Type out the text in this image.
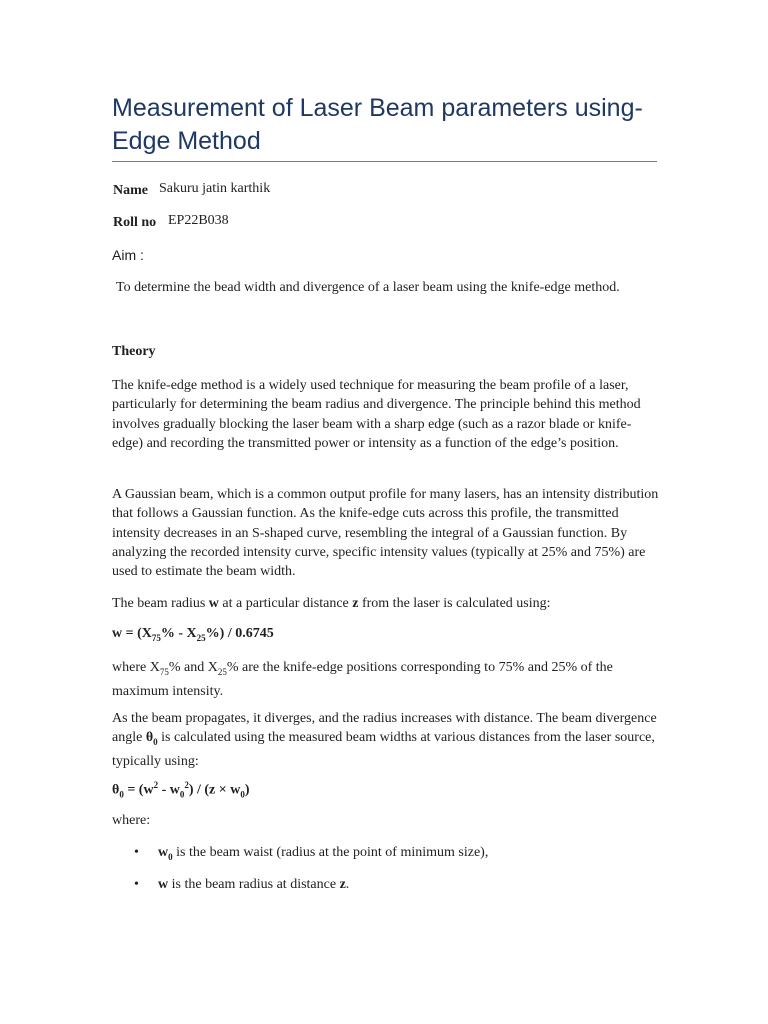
Measurement of Laser Beam parameters using-Edge Method
Name Sakuru jatin karthik
Roll no EP22B038
Aim :
To determine the bead width and divergence of a laser beam using the knife-edge method.
Theory

The knife-edge method is a widely used technique for measuring the beam profile of a laser, particularly for determining the beam radius and divergence. The principle behind this method involves gradually blocking the laser beam with a sharp edge (such as a razor blade or knife-edge) and recording the transmitted power or intensity as a function of the edge’s position.

A Gaussian beam, which is a common output profile for many lasers, has an intensity distribution that follows a Gaussian function. As the knife-edge cuts across this profile, the transmitted intensity decreases in an S-shaped curve, resembling the integral of a Gaussian function. By analyzing the recorded intensity curve, specific intensity values (typically at 25% and 75%) are used to estimate the beam width.

The beam radius w at a particular distance z from the laser is calculated using:

$w = (X_{75}\% - X_{25}\%) / 0.6745$

where $X_{75}\%$ and $X_{25}\%$ are the knife-edge positions corresponding to 75% and 25% of the maximum intensity.

As the beam propagates, it diverges, and the radius increases with distance. The beam divergence angle $\theta_0$ is calculated using the measured beam widths at various distances from the laser source, typically using:

$\theta_0 = (w^2 - w_0^2) / (z \times w_0)$
where:
• $w_0$ is the beam waist (radius at the point of minimum size),
• w is the beam radius at distance z.
